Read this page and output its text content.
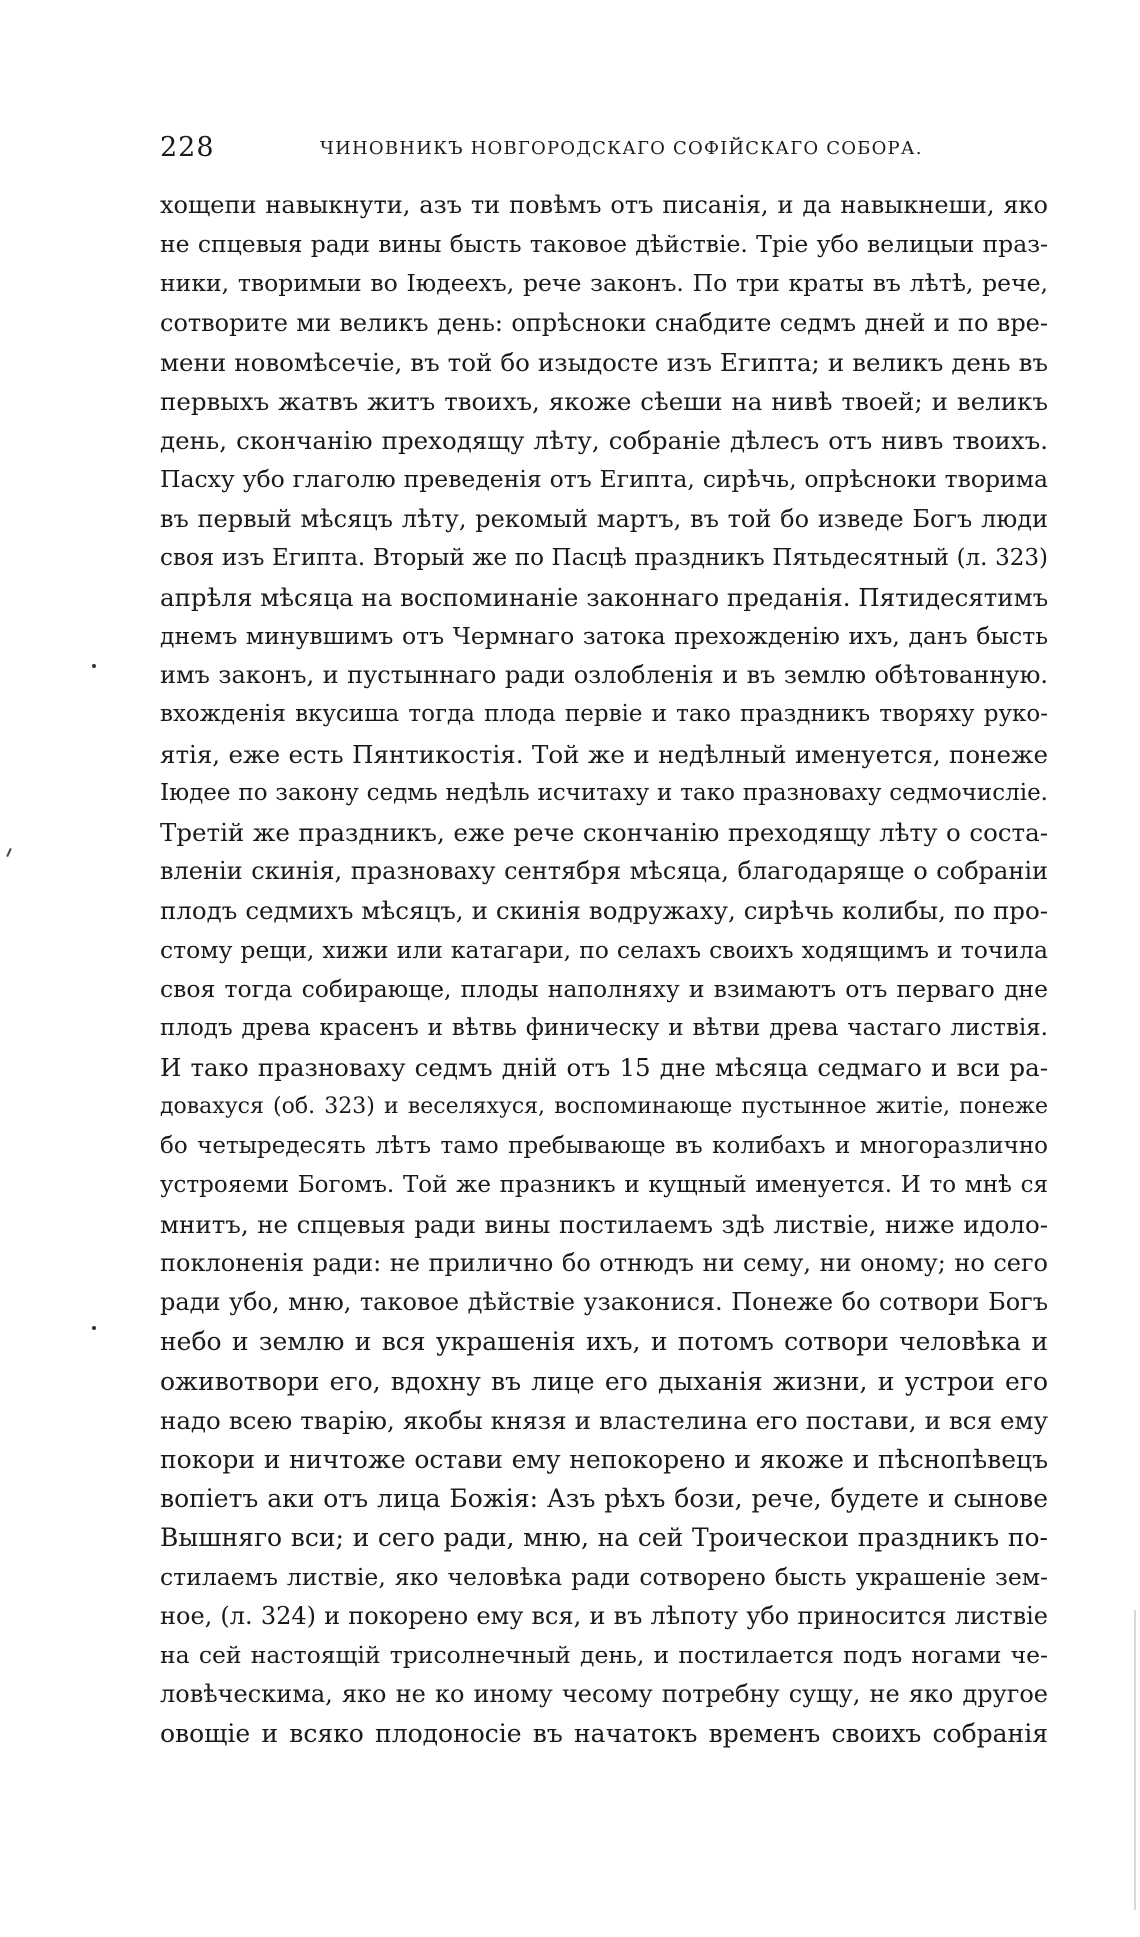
228	ЧИНОВНИКЪ НОВГОРОДСКАГО СОФІЙСКАГО СОБОРА.
хощепи навыкнути, азъ ти повѣмъ отъ писанія, и да навыкнеши, яко
не спцевыя ради вины бысть таковое дѣйствіе. Тріе убо велицыи праз-
ники, творимыи во Іюдеехъ, рече законъ. По три краты въ лѣтѣ, рече,
сотворите ми великъ день: опрѣсноки снабдите седмъ дней и по вре-
мени новомѣсечіе, въ той бо изыдосте изъ Египта; и великъ день въ
первыхъ жатвъ житъ твоихъ, якоже сѣеши на нивѣ твоей; и великъ
день, скончанію преходящу лѣту, собраніе дѣлесъ отъ нивъ твоихъ.
Пасху убо глаголю преведенія отъ Египта, сирѣчь, опрѣсноки творима
въ первый мѣсяцъ лѣту, рекомый мартъ, въ той бо изведе Богъ люди
своя изъ Египта. Вторый же по Пасцѣ праздникъ Пятьдесятный (л. 323)
апрѣля мѣсяца на воспоминаніе законнаго преданія. Пятидесятимъ
днемъ минувшимъ отъ Чермнаго затока прехожденію ихъ, данъ бысть
имъ законъ, и пустыннаго ради озлобленія и въ землю обѣтованную.
вхожденія вкусиша тогда плода первіе и тако праздникъ творяху руко-
ятія, еже есть Пянтикостія. Той же и недѣлный именуется, понеже
Іюдее по закону седмь недѣль исчитаху и тако празноваху седмочисліе.
Третій же праздникъ, еже рече скончанію преходящу лѣту о соста-
вленіи скинія, празноваху сентября мѣсяца, благодаряще о собраніи
плодъ седмихъ мѣсяцъ, и скинія водружаху, сирѣчь колибы, по про-
стому рещи, хижи или катагари, по селахъ своихъ ходящимъ и точила
своя тогда собирающе, плоды наполняху и взимаютъ отъ перваго дне
плодъ древа красенъ и вѣтвь финическу и вѣтви древа частаго листвія.
И тако празноваху седмъ дній отъ 15 дне мѣсяца седмаго и вси ра-
довахуся (об. 323) и веселяхуся, воспоминающе пустынное житіе, понеже
бо четыредесять лѣтъ тамо пребывающе въ колибахъ и многоразлично
устрояеми Богомъ. Той же празникъ и кущный именуется. И то мнѣ ся
мнитъ, не спцевыя ради вины постилаемъ здѣ листвіе, ниже идоло-
поклоненія ради: не прилично бо отнюдъ ни сему, ни оному; но сего
ради убо, мню, таковое дѣйствіе узаконися. Понеже бо сотвори Богъ
небо и землю и вся украшенія ихъ, и потомъ сотвори человѣка и
оживотвори его, вдохну въ лице его дыханія жизни, и устрои его
надо всею тварію, якобы князя и властелина его постави, и вся ему
покори и ничтоже остави ему непокорено и якоже и пѣснопѣвецъ
вопіетъ аки отъ лица Божія: Азъ рѣхъ бози, рече, будете и сынове
Вышняго вси; и сего ради, мню, на сей Троическои праздникъ по-
стилаемъ листвіе, яко человѣка ради сотворено бысть украшеніе зем-
ное, (л. 324) и покорено ему вся, и въ лѣпоту убо приносится листвіе
на сей настоящій трисолнечный день, и постилается подъ ногами че-
ловѣческима, яко не ко иному чесому потребну сущу, не яко другое
овощіе и всяко плодоносіе въ начатокъ временъ своихъ собранія
